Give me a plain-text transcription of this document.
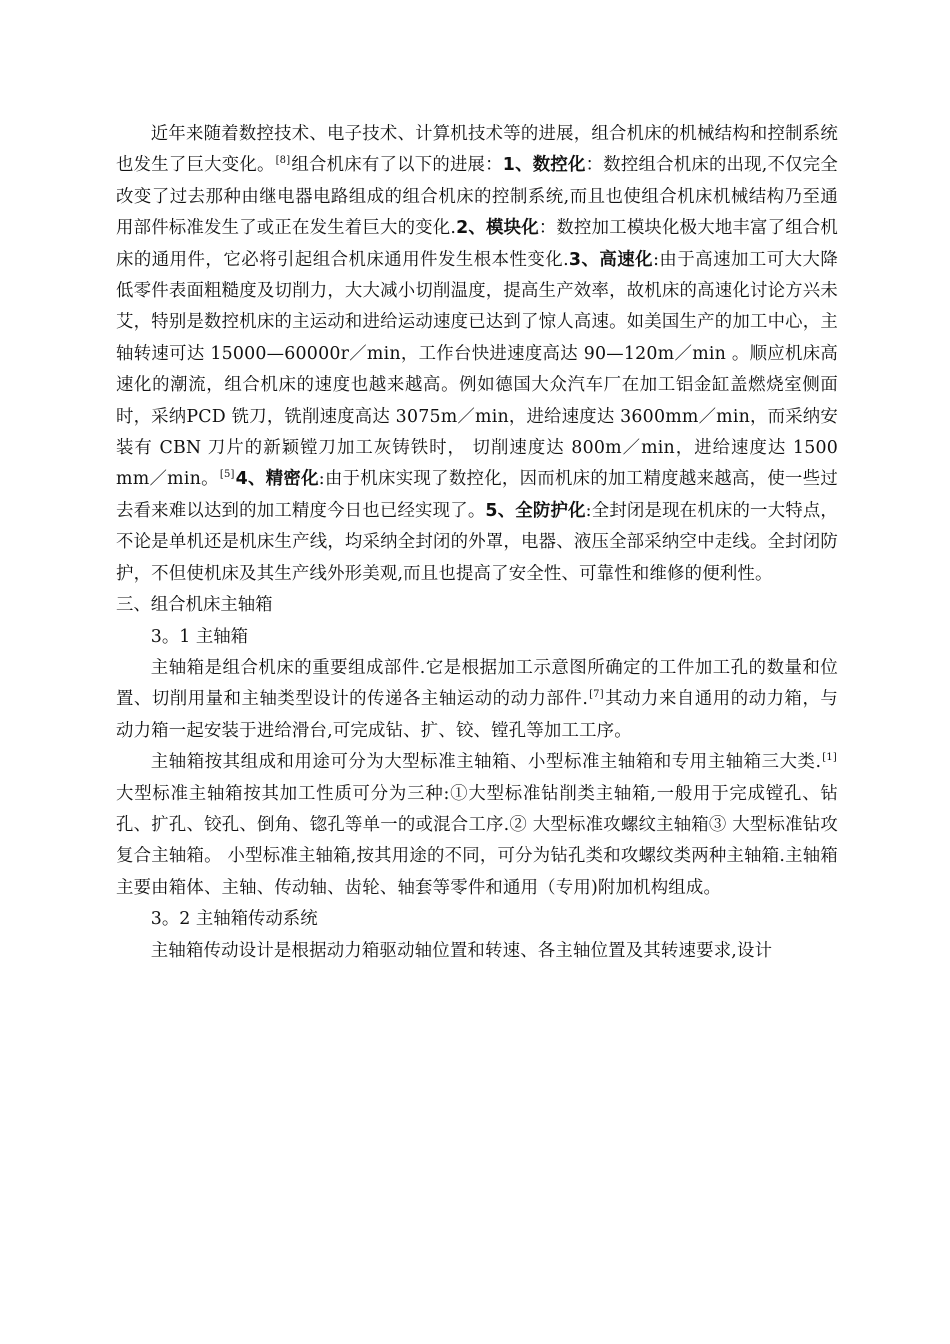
近年来随着数控技术、电子技术、计算机技术等的进展，组合机床的机械结构和控制系统也发生了巨大变化。[8]组合机床有了以下的进展：1、数控化：数控组合机床的出现,不仅完全改变了过去那种由继电器电路组成的组合机床的控制系统,而且也使组合机床机械结构乃至通用部件标准发生了或正在发生着巨大的变化.2、模块化：数控加工模块化极大地丰富了组合机床的通用件，它必将引起组合机床通用件发生根本性变化.3、高速化:由于高速加工可大大降低零件表面粗糙度及切削力，大大减小切削温度，提高生产效率，故机床的高速化讨论方兴未艾，特别是数控机床的主运动和进给运动速度已达到了惊人高速。如美国生产的加工中心，主轴转速可达 15000—60000r／min，工作台快进速度高达 90—120m／min 。顺应机床高速化的潮流，组合机床的速度也越来越高。例如德国大众汽车厂在加工铝金缸盖燃烧室侧面时，采纳PCD 铣刀，铣削速度高达 3075m／min，进给速度达 3600mm／min，而采纳安装有 CBN 刀片的新颖镗刀加工灰铸铁时， 切削速度达 800m／min，进给速度达 1500 mm／min。[5]4、精密化:由于机床实现了数控化，因而机床的加工精度越来越高，使一些过去看来难以达到的加工精度今日也已经实现了。5、全防护化:全封闭是现在机床的一大特点，不论是单机还是机床生产线，均采纳全封闭的外罩，电器、液压全部采纳空中走线。全封闭防护，不但使机床及其生产线外形美观,而且也提高了安全性、可靠性和维修的便利性。

三、组合机床主轴箱

3。1 主轴箱

主轴箱是组合机床的重要组成部件.它是根据加工示意图所确定的工件加工孔的数量和位置、切削用量和主轴类型设计的传递各主轴运动的动力部件.[7]其动力来自通用的动力箱，与动力箱一起安装于进给滑台,可完成钻、扩、铰、镗孔等加工工序。

主轴箱按其组成和用途可分为大型标准主轴箱、小型标准主轴箱和专用主轴箱三大类.[1]大型标准主轴箱按其加工性质可分为三种:①大型标准钻削类主轴箱,一般用于完成镗孔、钻孔、扩孔、铰孔、倒角、锪孔等单一的或混合工序.② 大型标准攻螺纹主轴箱③ 大型标准钻攻复合主轴箱。 小型标准主轴箱,按其用途的不同，可分为钻孔类和攻螺纹类两种主轴箱.主轴箱主要由箱体、主轴、传动轴、齿轮、轴套等零件和通用（专用)附加机构组成。

3。2 主轴箱传动系统

主轴箱传动设计是根据动力箱驱动轴位置和转速、各主轴位置及其转速要求,设计
